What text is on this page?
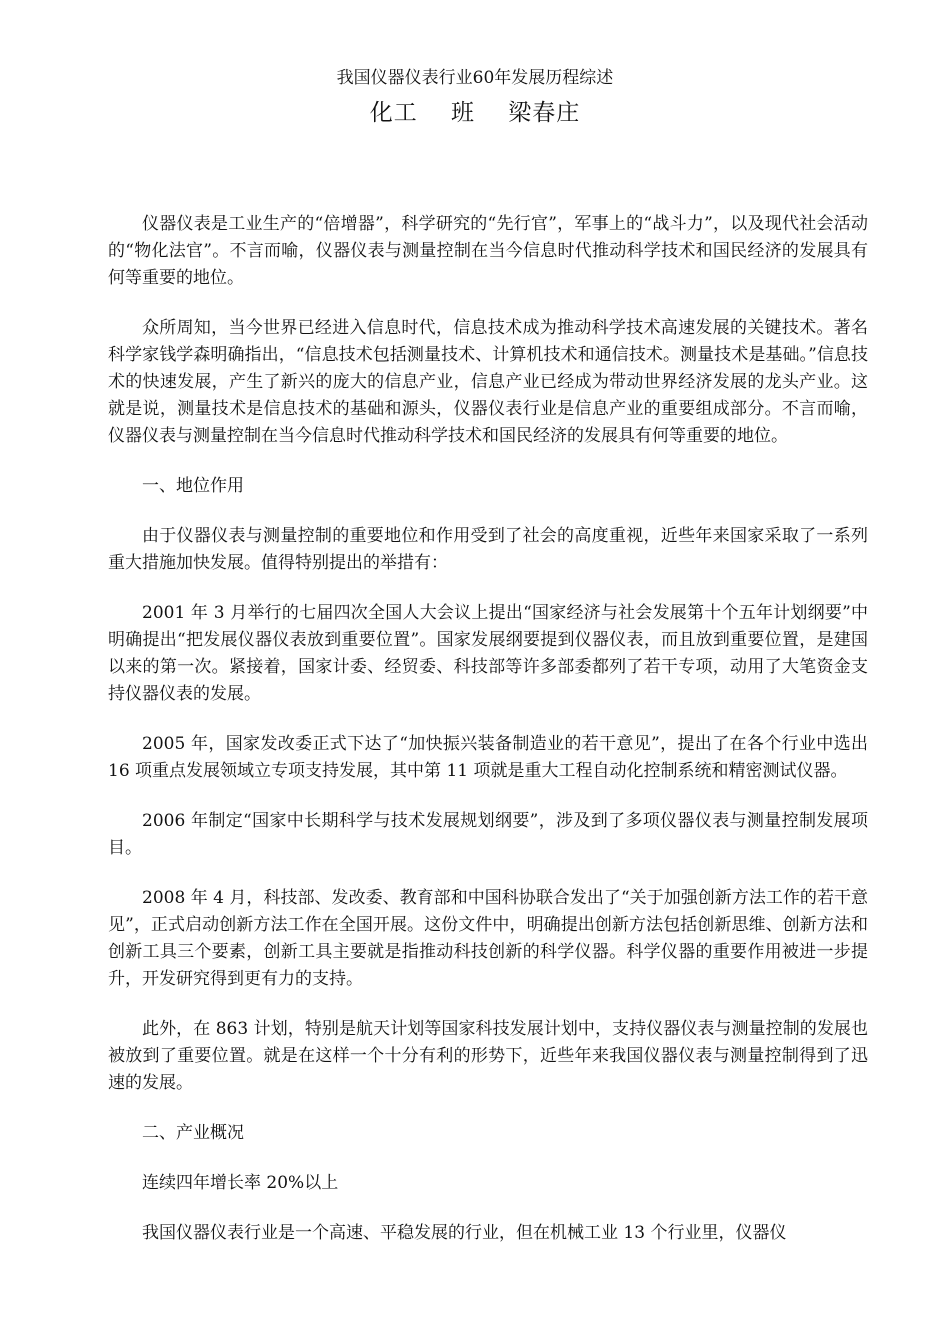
我国仪器仪表行业60年发展历程综述
化工    班    梁春庄

仪器仪表是工业生产的“倍增器”，科学研究的“先行官”，军事上的“战斗力”，以及现代社会活动的“物化法官”。不言而喻，仪器仪表与测量控制在当今信息时代推动科学技术和国民经济的发展具有何等重要的地位。

众所周知，当今世界已经进入信息时代，信息技术成为推动科学技术高速发展的关键技术。著名科学家钱学森明确指出，“信息技术包括测量技术、计算机技术和通信技术。测量技术是基础。”信息技术的快速发展，产生了新兴的庞大的信息产业，信息产业已经成为带动世界经济发展的龙头产业。这就是说，测量技术是信息技术的基础和源头，仪器仪表行业是信息产业的重要组成部分。不言而喻，仪器仪表与测量控制在当今信息时代推动科学技术和国民经济的发展具有何等重要的地位。

一、地位作用

由于仪器仪表与测量控制的重要地位和作用受到了社会的高度重视，近些年来国家采取了一系列重大措施加快发展。值得特别提出的举措有：

2001 年 3 月举行的七届四次全国人大会议上提出“国家经济与社会发展第十个五年计划纲要”中明确提出“把发展仪器仪表放到重要位置”。国家发展纲要提到仪器仪表，而且放到重要位置，是建国以来的第一次。紧接着，国家计委、经贸委、科技部等许多部委都列了若干专项，动用了大笔资金支持仪器仪表的发展。

2005 年，国家发改委正式下达了“加快振兴装备制造业的若干意见”，提出了在各个行业中选出 16 项重点发展领域立专项支持发展，其中第 11 项就是重大工程自动化控制系统和精密测试仪器。

2006 年制定“国家中长期科学与技术发展规划纲要”，涉及到了多项仪器仪表与测量控制发展项目。

2008 年 4 月，科技部、发改委、教育部和中国科协联合发出了“关于加强创新方法工作的若干意见”，正式启动创新方法工作在全国开展。这份文件中，明确提出创新方法包括创新思维、创新方法和创新工具三个要素，创新工具主要就是指推动科技创新的科学仪器。科学仪器的重要作用被进一步提升，开发研究得到更有力的支持。

此外，在 863 计划，特别是航天计划等国家科技发展计划中，支持仪器仪表与测量控制的发展也被放到了重要位置。就是在这样一个十分有利的形势下，近些年来我国仪器仪表与测量控制得到了迅速的发展。

二、产业概况

连续四年增长率 20%以上

我国仪器仪表行业是一个高速、平稳发展的行业，但在机械工业 13 个行业里，仪器仪
